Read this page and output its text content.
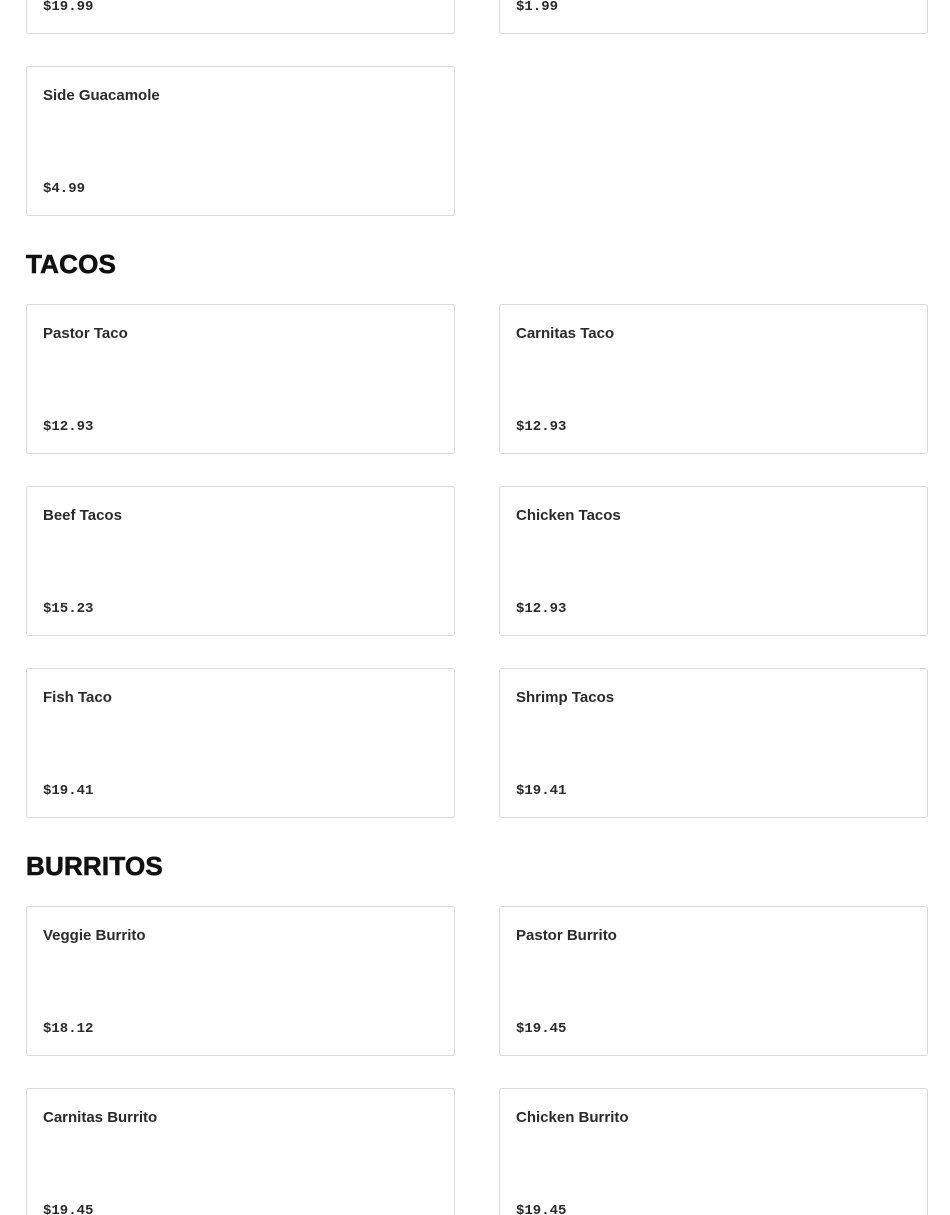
$19.99	$1.99
Side Guacamole
$4.99
TACOS
Pastor Taco
$12.93
Carnitas Taco
$12.93
Beef Tacos
$15.23
Chicken Tacos
$12.93
Fish Taco
$19.41
Shrimp Tacos
$19.41
BURRITOS
Veggie Burrito
$18.12
Pastor Burrito
$19.45
Carnitas Burrito
$19.45
Chicken Burrito
$19.45
